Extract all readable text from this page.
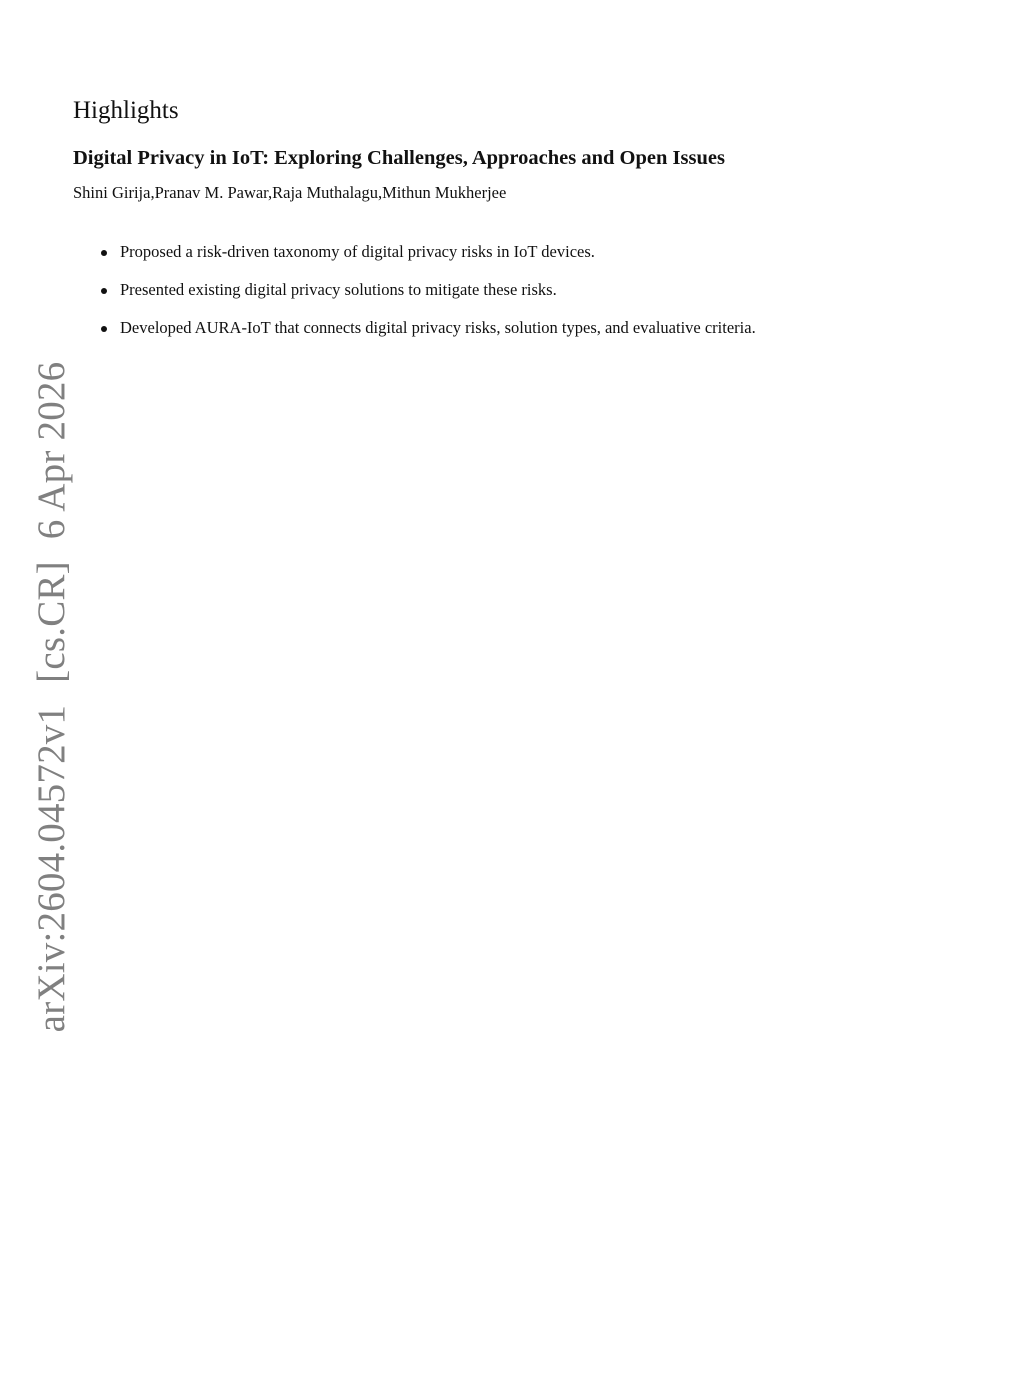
Highlights
Digital Privacy in IoT: Exploring Challenges, Approaches and Open Issues

Shini Girija,Pranav M. Pawar,Raja Muthalagu,Mithun Mukherjee

Proposed a risk-driven taxonomy of digital privacy risks in IoT devices.
Presented existing digital privacy solutions to mitigate these risks.
Developed AURA-IoT that connects digital privacy risks, solution types, and evaluative criteria.
arXiv:2604.04572v1[cs.CR]6 Apr 2026
